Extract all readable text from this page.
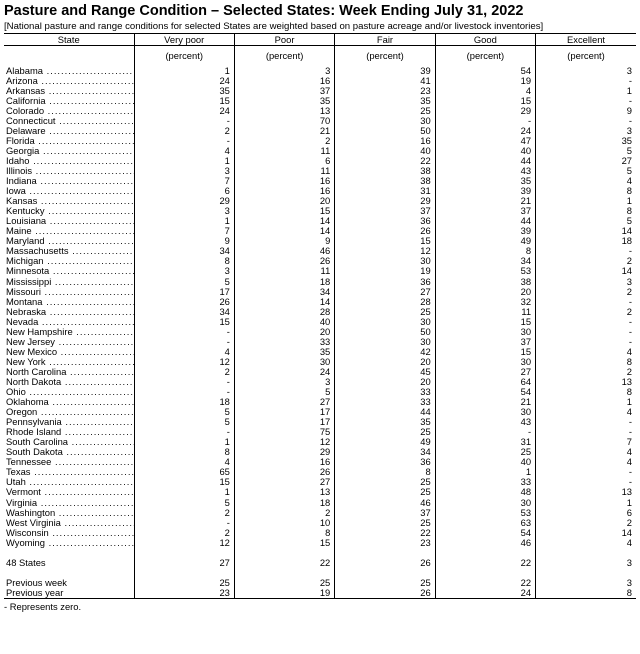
Pasture and Range Condition – Selected States: Week Ending July 31, 2022
[National pasture and range conditions for selected States are weighted based on pasture acreage and/or livestock inventories]
State	Very poor	Poor	Fair	Good	Excellent
	(percent)	(percent)	(percent)	(percent)	(percent)

Alabama .....	1	3	39	54	3

Arizona .....	24	16	41	19	-

Arkansas .....	35	37	23	4	1

California .....	15	35	35	15	-

Colorado .....	24	13	25	29	9

Connecticut .....	-	70	30	-	-

Delaware .....	2	21	50	24	3

Florida .....	-	2	16	47	35

Georgia .....	4	11	40	40	5

Idaho .....	1	6	22	44	27

Illinois .....	3	11	38	43	5

Indiana .....	7	16	38	35	4

Iowa .....	6	16	31	39	8

Kansas .....	29	20	29	21	1

Kentucky .....	3	15	37	37	8

Louisiana .....	1	14	36	44	5

Maine .....	7	14	26	39	14

Maryland .....	9	9	15	49	18

Massachusetts .....	34	46	12	8	-

Michigan .....	8	26	30	34	2

Minnesota .....	3	11	19	53	14

Mississippi .....	5	18	36	38	3

Missouri .....	17	34	27	20	2

Montana .....	26	14	28	32	-

Nebraska .....	34	28	25	11	2

Nevada .....	15	40	30	15	-

New Hampshire .....	-	20	50	30	-

New Jersey .....	-	33	30	37	-

New Mexico .....	4	35	42	15	4

New York .....	12	30	20	30	8

North Carolina .....	2	24	45	27	2

North Dakota .....	-	3	20	64	13

Ohio .....	-	5	33	54	8

Oklahoma .....	18	27	33	21	1

Oregon .....	5	17	44	30	4

Pennsylvania .....	5	17	35	43	-

Rhode Island .....	-	75	25	-	-

South Carolina .....	1	12	49	31	7

South Dakota .....	8	29	34	25	4

Tennessee .....	4	16	36	40	4

Texas .....	65	26	8	1	-

Utah .....	15	27	25	33	-

Vermont .....	1	13	25	48	13

Virginia .....	5	18	46	30	1

Washington .....	2	2	37	53	6

West Virginia .....	-	10	25	63	2

Wisconsin .....	2	8	22	54	14

Wyoming .....	12	15	23	46	4

48 States	27	22	26	22	3

Previous week	25	25	25	22	3
Previous year	23	19	26	24	8
- Represents zero.
